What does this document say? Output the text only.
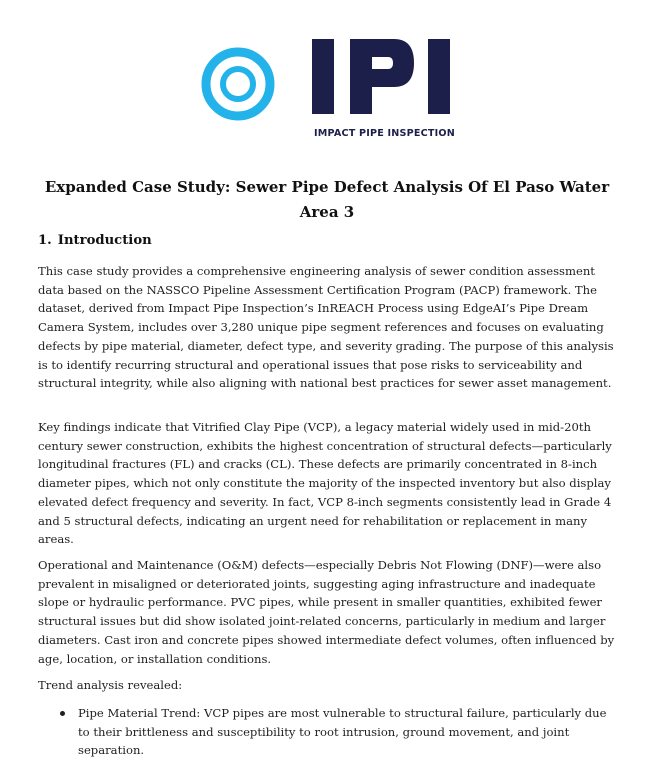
IMPACT PIPE INSPECTION
Expanded Case Study: Sewer Pipe Defect Analysis Of El Paso Water Area 3
1. Introduction

This case study provides a comprehensive engineering analysis of sewer condition assessment data based on the NASSCO Pipeline Assessment Certification Program (PACP) framework. The dataset, derived from Impact Pipe Inspection’s InREACH Process using EdgeAI’s Pipe Dream Camera System, includes over 3,280 unique pipe segment references and focuses on evaluating defects by pipe material, diameter, defect type, and severity grading. The purpose of this analysis is to identify recurring structural and operational issues that pose risks to serviceability and structural integrity, while also aligning with national best practices for sewer asset management.

Key findings indicate that Vitrified Clay Pipe (VCP), a legacy material widely used in mid-20th century sewer construction, exhibits the highest concentration of structural defects—particularly longitudinal fractures (FL) and cracks (CL). These defects are primarily concentrated in 8-inch diameter pipes, which not only constitute the majority of the inspected inventory but also display elevated defect frequency and severity. In fact, VCP 8-inch segments consistently lead in Grade 4 and 5 structural defects, indicating an urgent need for rehabilitation or replacement in many areas.

Operational and Maintenance (O&M) defects—especially Debris Not Flowing (DNF)—were also prevalent in misaligned or deteriorated joints, suggesting aging infrastructure and inadequate slope or hydraulic performance. PVC pipes, while present in smaller quantities, exhibited fewer structural issues but did show isolated joint-related concerns, particularly in medium and larger diameters. Cast iron and concrete pipes showed intermediate defect volumes, often influenced by age, location, or installation conditions.

Trend analysis revealed:

Pipe Material Trend: VCP pipes are most vulnerable to structural failure, particularly due to their brittleness and susceptibility to root intrusion, ground movement, and joint separation.
